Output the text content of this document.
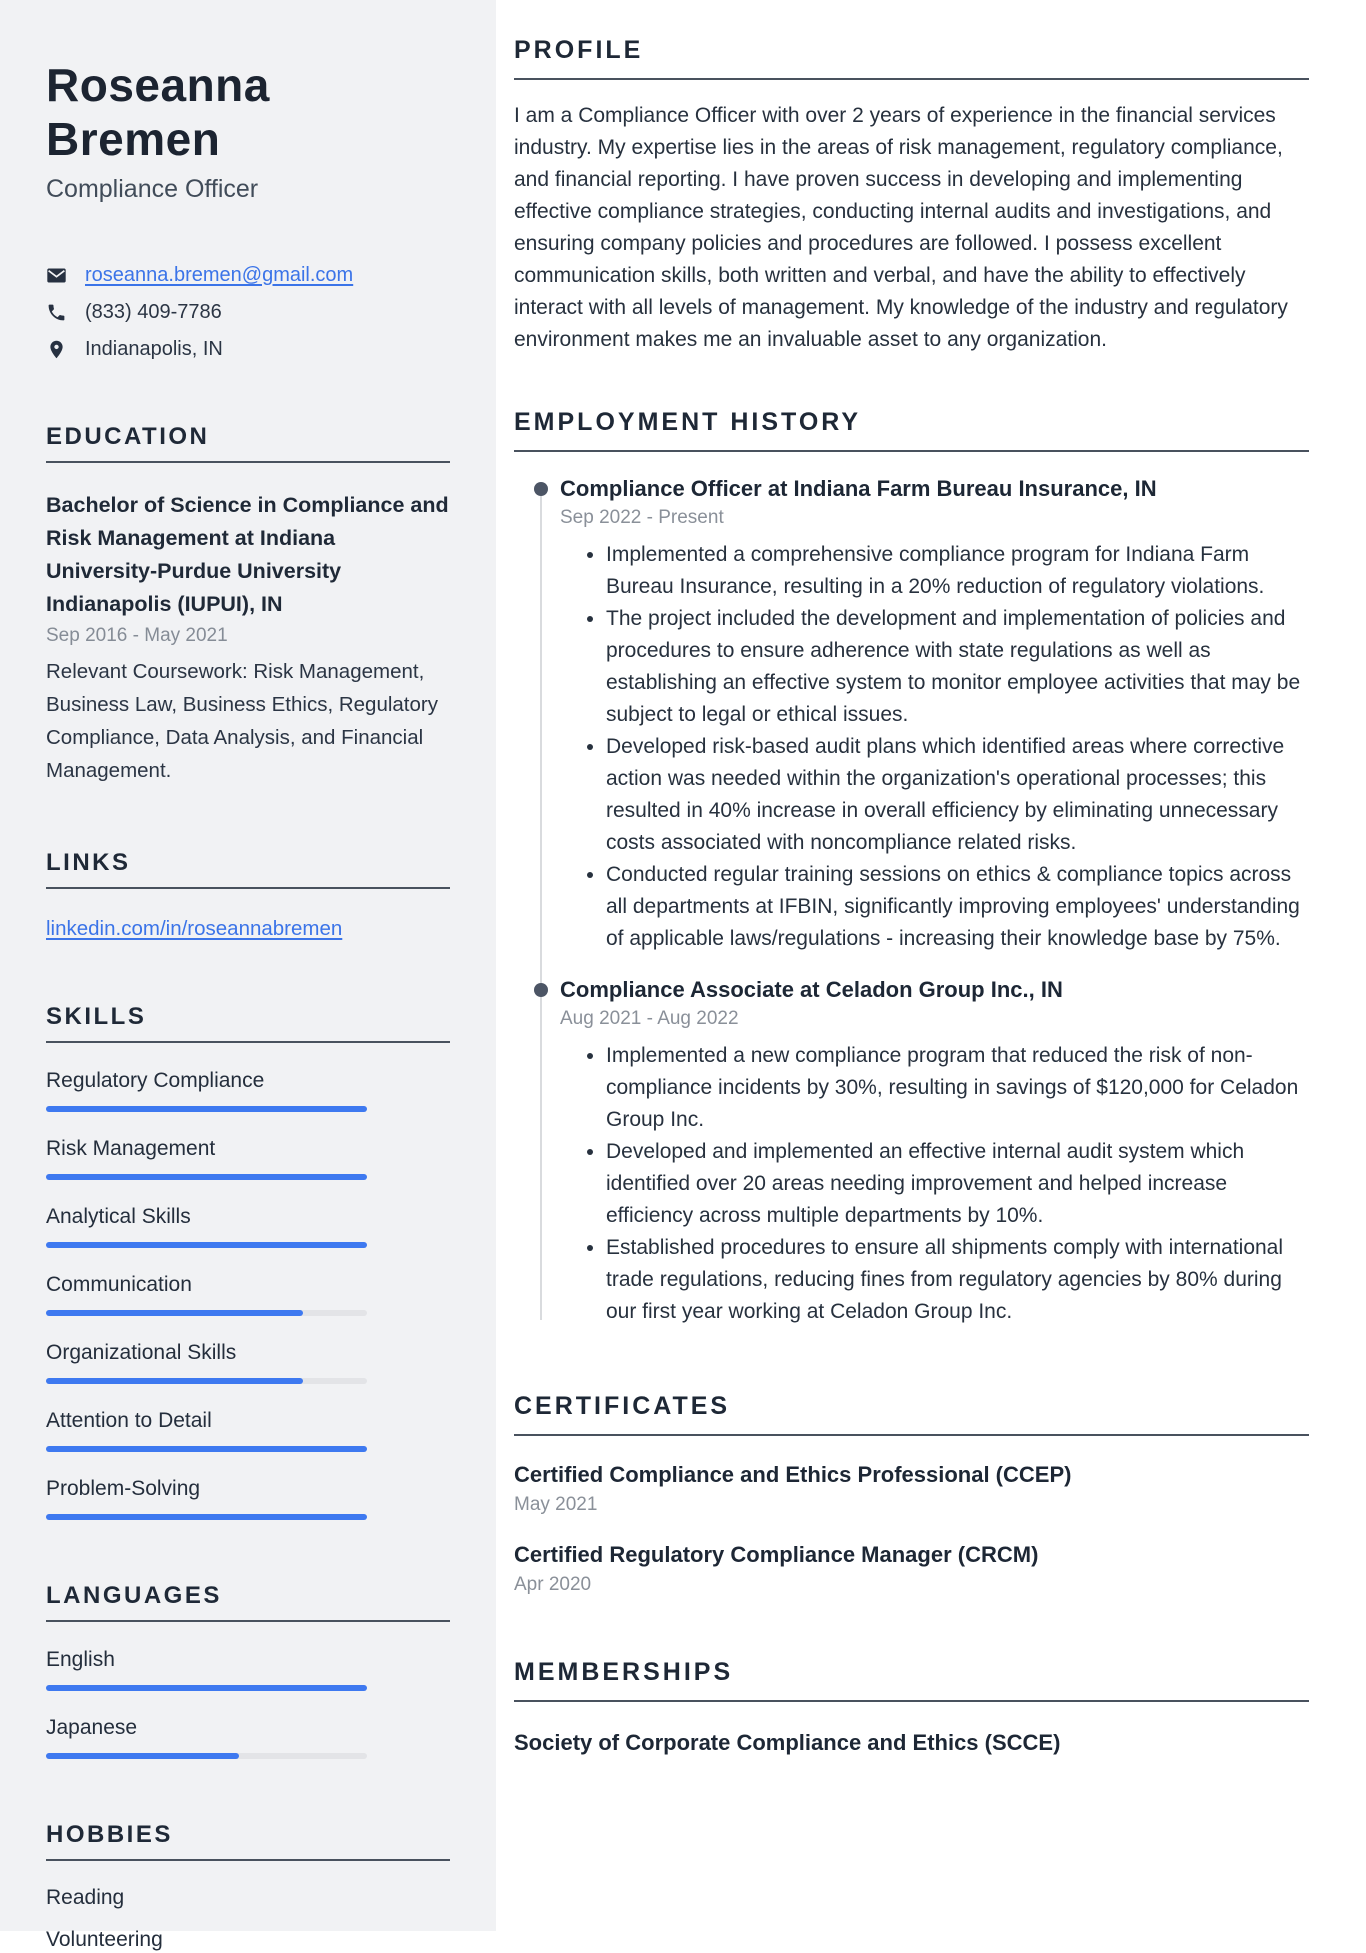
Roseanna Bremen
Compliance Officer
roseanna.bremen@gmail.com
(833) 409-7786
Indianapolis, IN
EDUCATION
Bachelor of Science in Compliance and Risk Management at Indiana University-Purdue University Indianapolis (IUPUI), IN
Sep 2016 - May 2021
Relevant Coursework: Risk Management, Business Law, Business Ethics, Regulatory Compliance, Data Analysis, and Financial Management.
LINKS
linkedin.com/in/roseannabremen
SKILLS
Regulatory Compliance
Risk Management
Analytical Skills
Communication
Organizational Skills
Attention to Detail
Problem-Solving
LANGUAGES
English
Japanese
HOBBIES
Reading
Volunteering
PROFILE

I am a Compliance Officer with over 2 years of experience in the financial services industry. My expertise lies in the areas of risk management, regulatory compliance, and financial reporting. I have proven success in developing and implementing effective compliance strategies, conducting internal audits and investigations, and ensuring company policies and procedures are followed. I possess excellent communication skills, both written and verbal, and have the ability to effectively interact with all levels of management. My knowledge of the industry and regulatory environment makes me an invaluable asset to any organization.

EMPLOYMENT HISTORY
Compliance Officer at Indiana Farm Bureau Insurance, IN
Sep 2022 - Present
• Implemented a comprehensive compliance program for Indiana Farm Bureau Insurance, resulting in a 20% reduction of regulatory violations.
• The project included the development and implementation of policies and procedures to ensure adherence with state regulations as well as establishing an effective system to monitor employee activities that may be subject to legal or ethical issues.
• Developed risk-based audit plans which identified areas where corrective action was needed within the organization's operational processes; this resulted in 40% increase in overall efficiency by eliminating unnecessary costs associated with noncompliance related risks.
• Conducted regular training sessions on ethics & compliance topics across all departments at IFBIN, significantly improving employees' understanding of applicable laws/regulations - increasing their knowledge base by 75%.
Compliance Associate at Celadon Group Inc., IN
Aug 2021 - Aug 2022
• Implemented a new compliance program that reduced the risk of non-compliance incidents by 30%, resulting in savings of $120,000 for Celadon Group Inc.
• Developed and implemented an effective internal audit system which identified over 20 areas needing improvement and helped increase efficiency across multiple departments by 10%.
• Established procedures to ensure all shipments comply with international trade regulations, reducing fines from regulatory agencies by 80% during our first year working at Celadon Group Inc.
CERTIFICATES
Certified Compliance and Ethics Professional (CCEP)
May 2021
Certified Regulatory Compliance Manager (CRCM)
Apr 2020
MEMBERSHIPS
Society of Corporate Compliance and Ethics (SCCE)
